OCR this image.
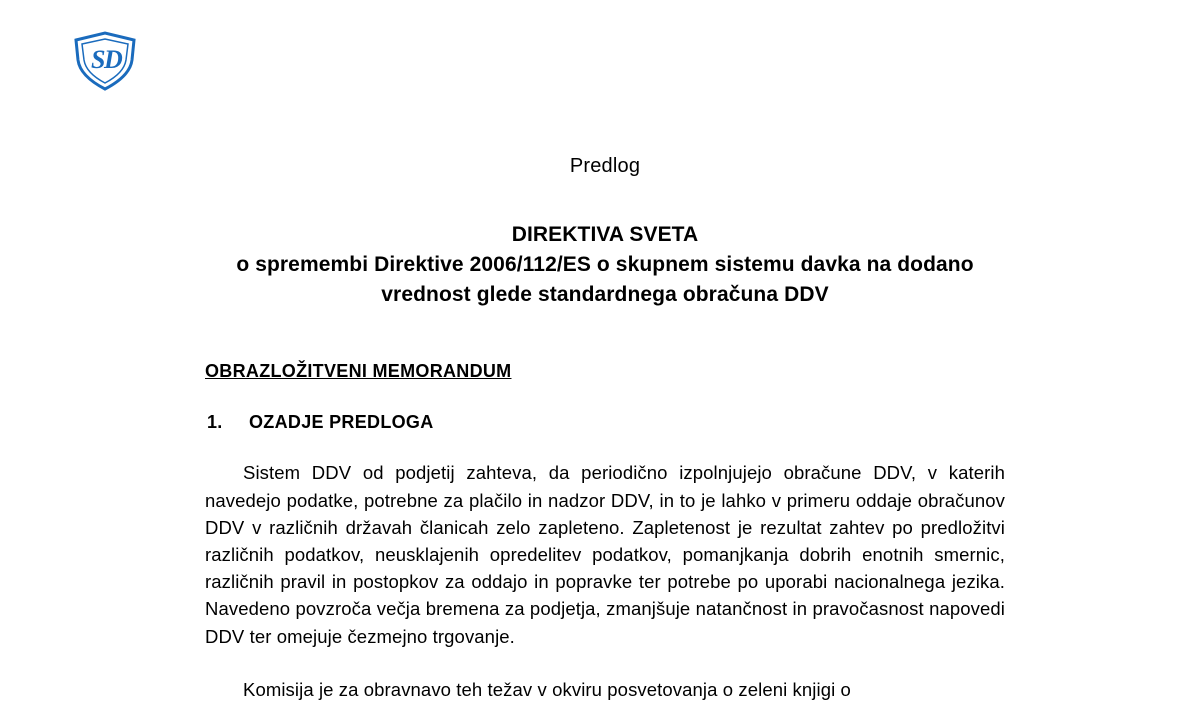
S
D
Predlog
DIREKTIVA SVETA
o spremembi Direktive 2006/112/ES o skupnem sistemu davka na dodano vrednost glede standardnega obračuna DDV
OBRAZLOŽITVENI MEMORANDUM
1. OZADJE PREDLOGA

Sistem DDV od podjetij zahteva, da periodično izpolnjujejo obračune DDV, v katerih navedejo podatke, potrebne za plačilo in nadzor DDV, in to je lahko v primeru oddaje obračunov DDV v različnih državah članicah zelo zapleteno. Zapletenost je rezultat zahtev po predložitvi različnih podatkov, neusklajenih opredelitev podatkov, pomanjkanja dobrih enotnih smernic, različnih pravil in postopkov za oddajo in popravke ter potrebe po uporabi nacionalnega jezika. Navedeno povzroča večja bremena za podjetja, zmanjšuje natančnost in pravočasnost napovedi DDV ter omejuje čezmejno trgovanje.

Komisija je za obravnavo teh težav v okviru posvetovanja o zeleni knjigi o
